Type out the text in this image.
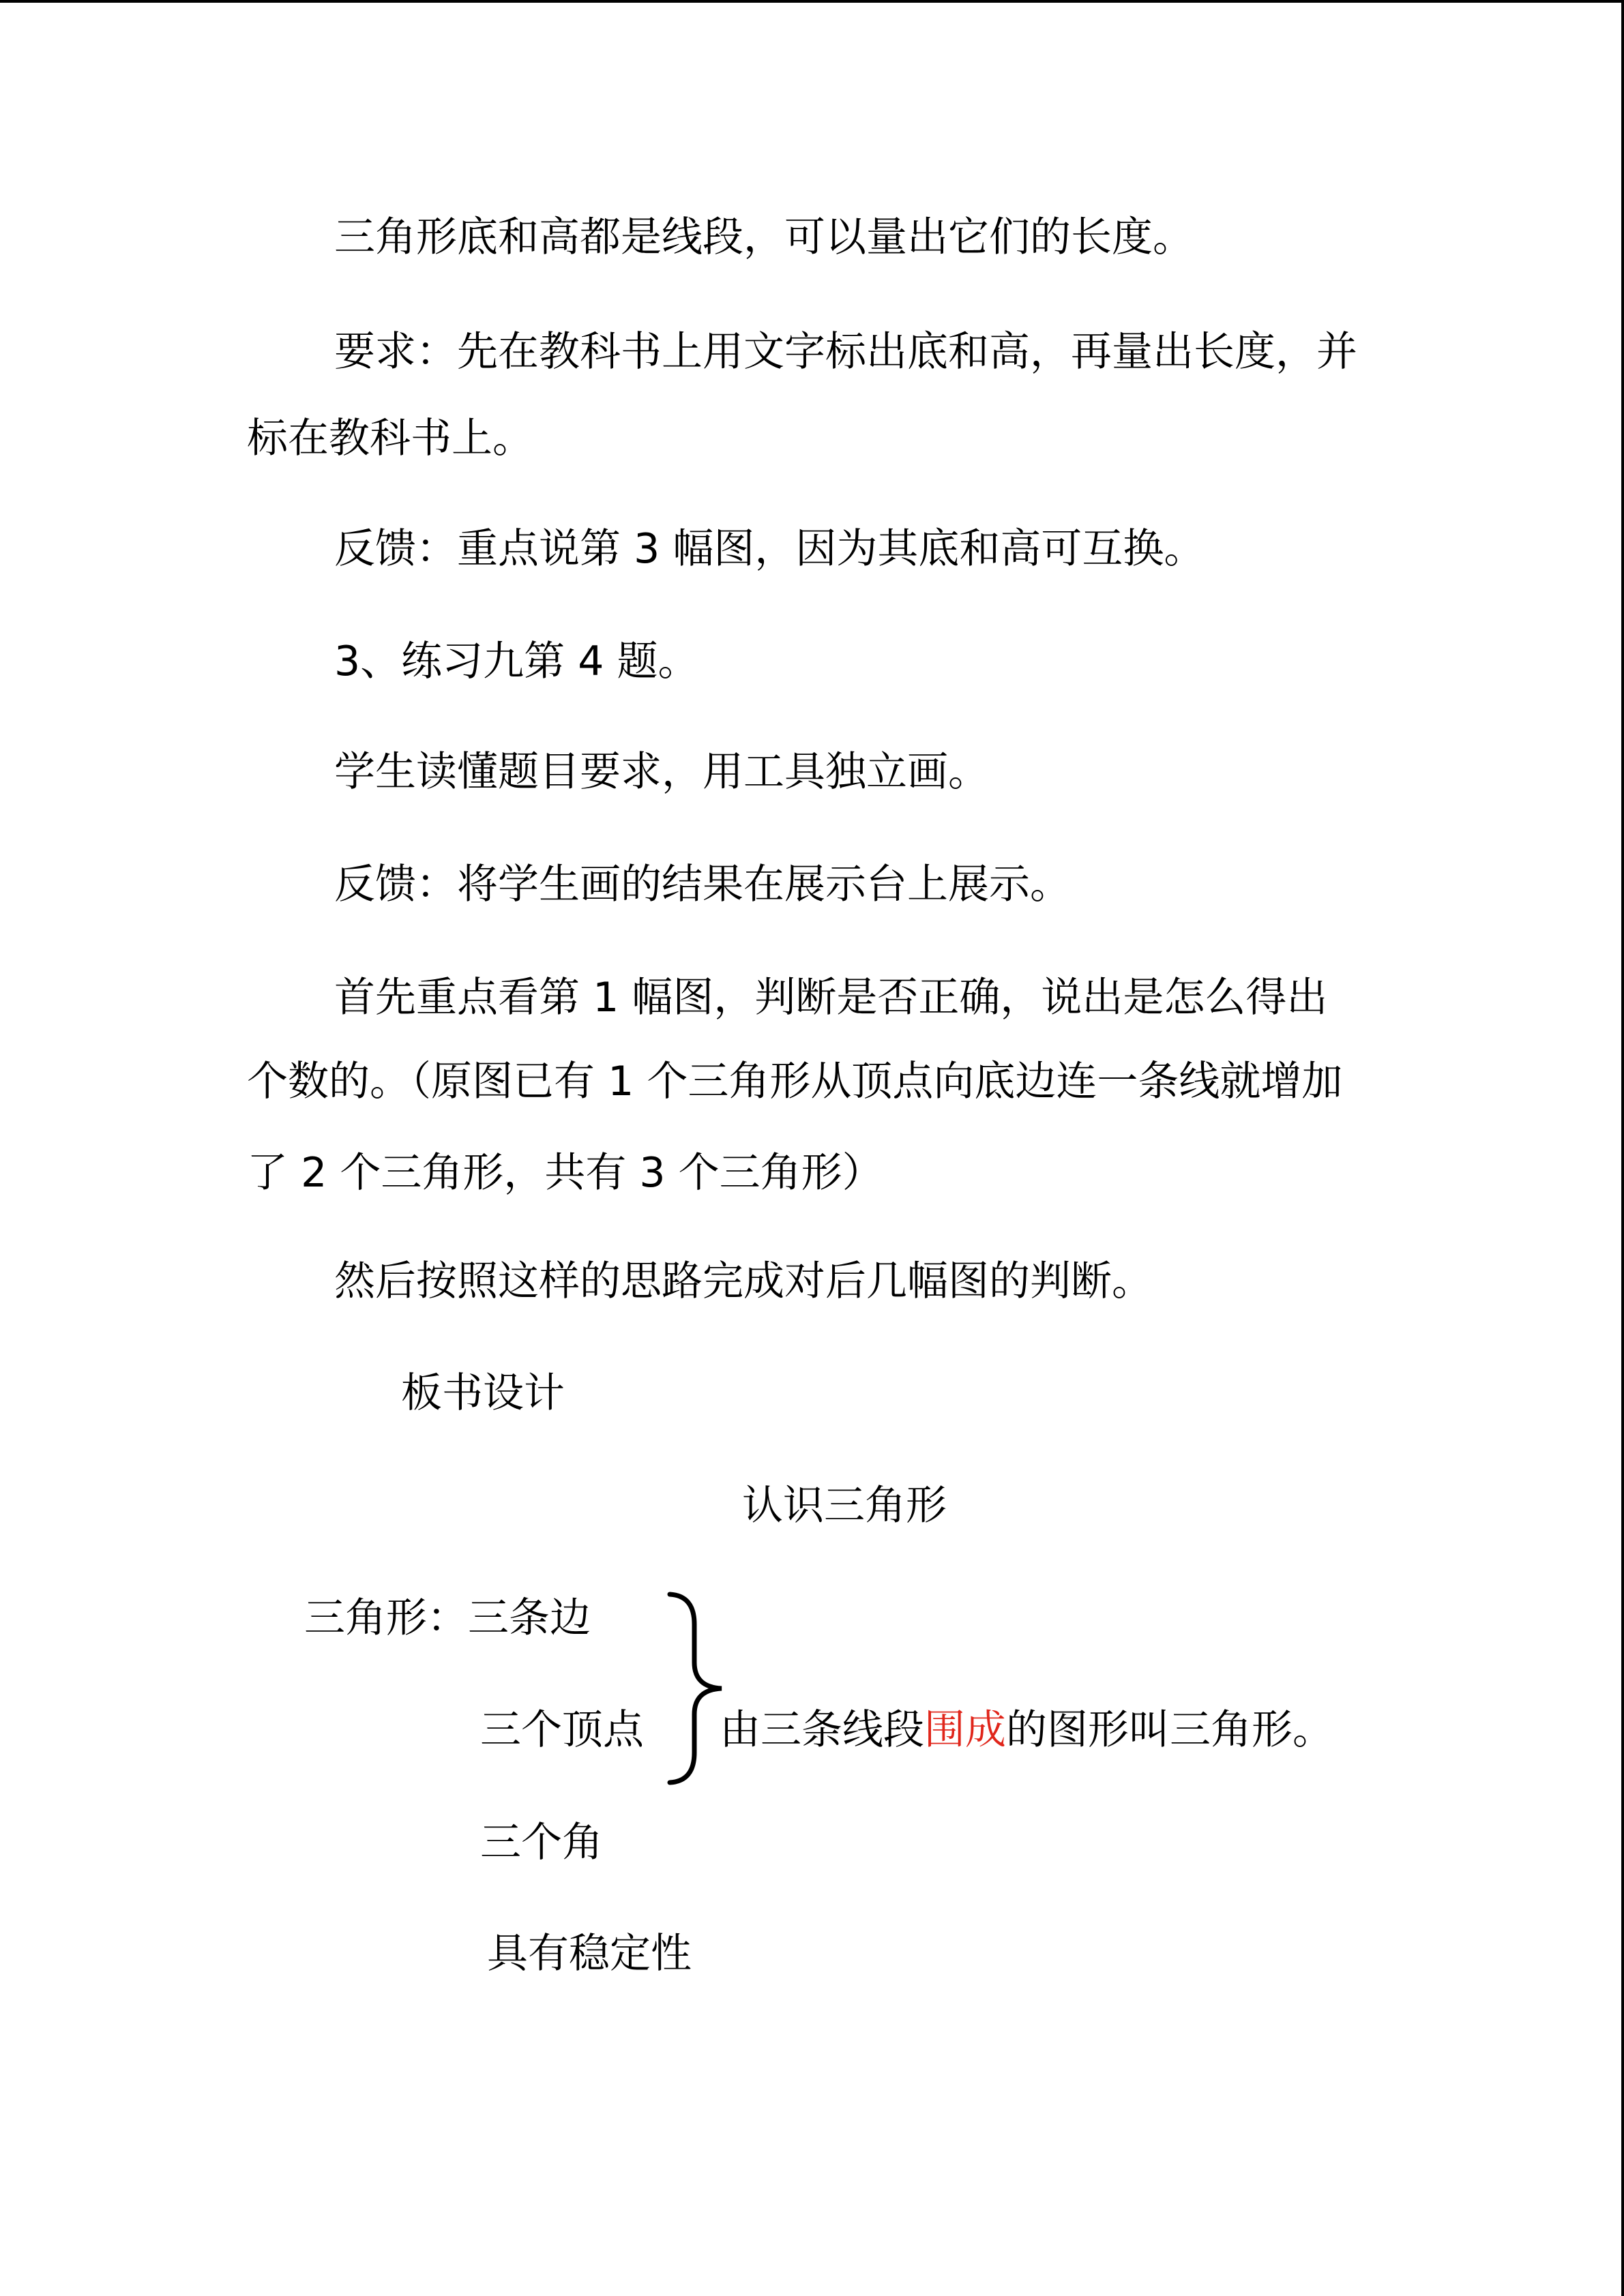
三角形底和高都是线段，可以量出它们的长度。
要求：先在教科书上用文字标出底和高，再量出长度，并
标在教科书上。
反馈：重点说第 3 幅图，因为其底和高可互换。
3、练习九第 4 题。
学生读懂题目要求，用工具独立画。
反馈：将学生画的结果在展示台上展示。
首先重点看第 1 幅图，判断是否正确，说出是怎么得出
个数的。（原图已有 1 个三角形从顶点向底边连一条线就增加
了 2 个三角形，共有 3 个三角形）
然后按照这样的思路完成对后几幅图的判断。
板书设计
认识三角形
三角形：三条边
三个顶点 由三条线段围成的图形叫三角形。
三个角
具有稳定性
